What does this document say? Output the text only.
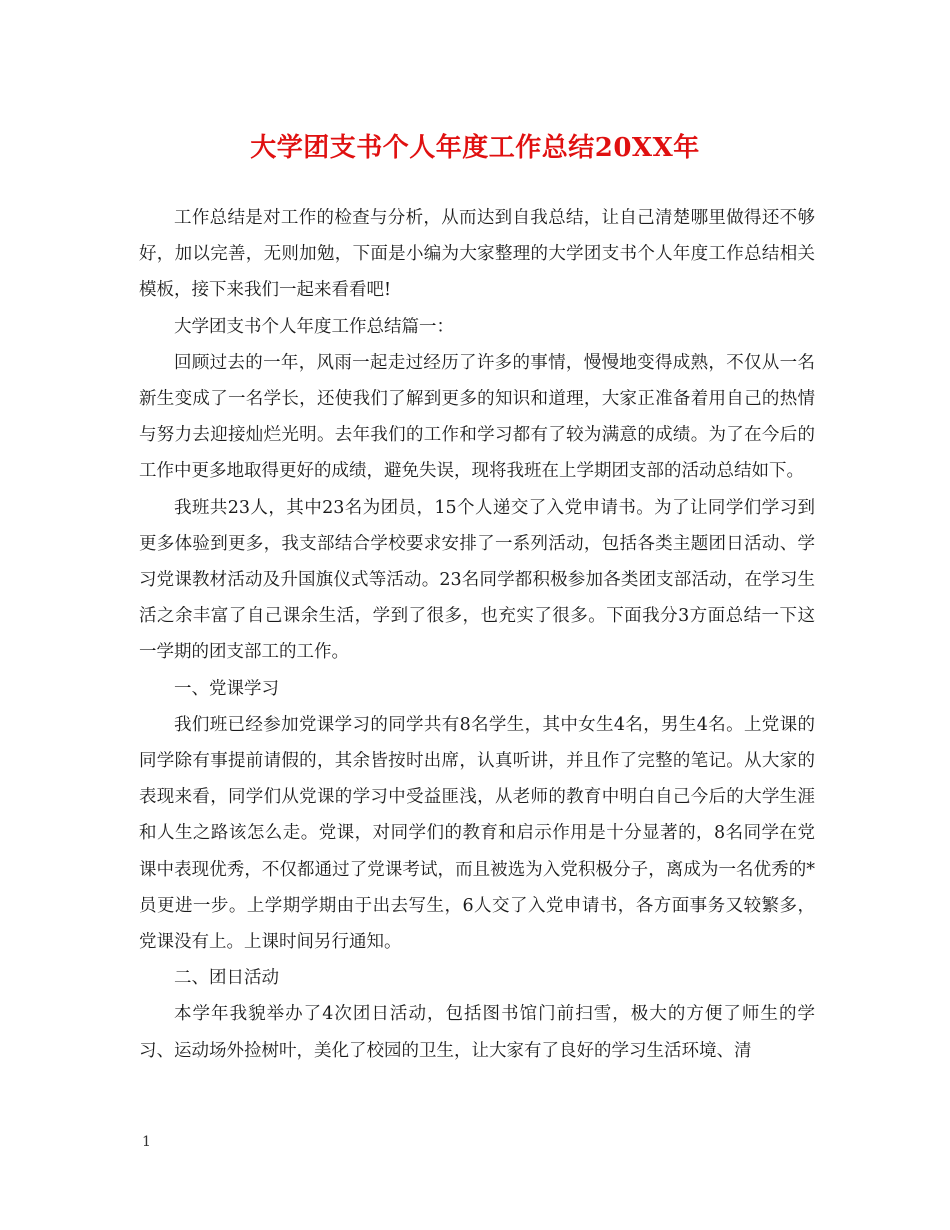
大学团支书个人年度工作总结20XX年

工作总结是对工作的检查与分析，从而达到自我总结，让自己清楚哪里做得还不够好，加以完善，无则加勉，下面是小编为大家整理的大学团支书个人年度工作总结相关模板，接下来我们一起来看看吧!

大学团支书个人年度工作总结篇一：

回顾过去的一年，风雨一起走过经历了许多的事情，慢慢地变得成熟，不仅从一名新生变成了一名学长，还使我们了解到更多的知识和道理，大家正准备着用自己的热情与努力去迎接灿烂光明。去年我们的工作和学习都有了较为满意的成绩。为了在今后的工作中更多地取得更好的成绩，避免失误，现将我班在上学期团支部的活动总结如下。

我班共23人，其中23名为团员，15个人递交了入党申请书。为了让同学们学习到更多体验到更多，我支部结合学校要求安排了一系列活动，包括各类主题团日活动、学习党课教材活动及升国旗仪式等活动。23名同学都积极参加各类团支部活动，在学习生活之余丰富了自己课余生活，学到了很多，也充实了很多。下面我分3方面总结一下这一学期的团支部工的工作。

一、党课学习

我们班已经参加党课学习的同学共有8名学生，其中女生4名，男生4名。上党课的同学除有事提前请假的，其余皆按时出席，认真听讲，并且作了完整的笔记。从大家的表现来看，同学们从党课的学习中受益匪浅，从老师的教育中明白自己今后的大学生涯和人生之路该怎么走。党课，对同学们的教育和启示作用是十分显著的，8名同学在党课中表现优秀，不仅都通过了党课考试，而且被选为入党积极分子，离成为一名优秀的*员更进一步。上学期学期由于出去写生，6人交了入党申请书，各方面事务又较繁多，党课没有上。上课时间另行通知。

二、团日活动

本学年我貌举办了4次团日活动，包括图书馆门前扫雪，极大的方便了师生的学习、运动场外捡树叶，美化了校园的卫生，让大家有了良好的学习生活环境、清

1
